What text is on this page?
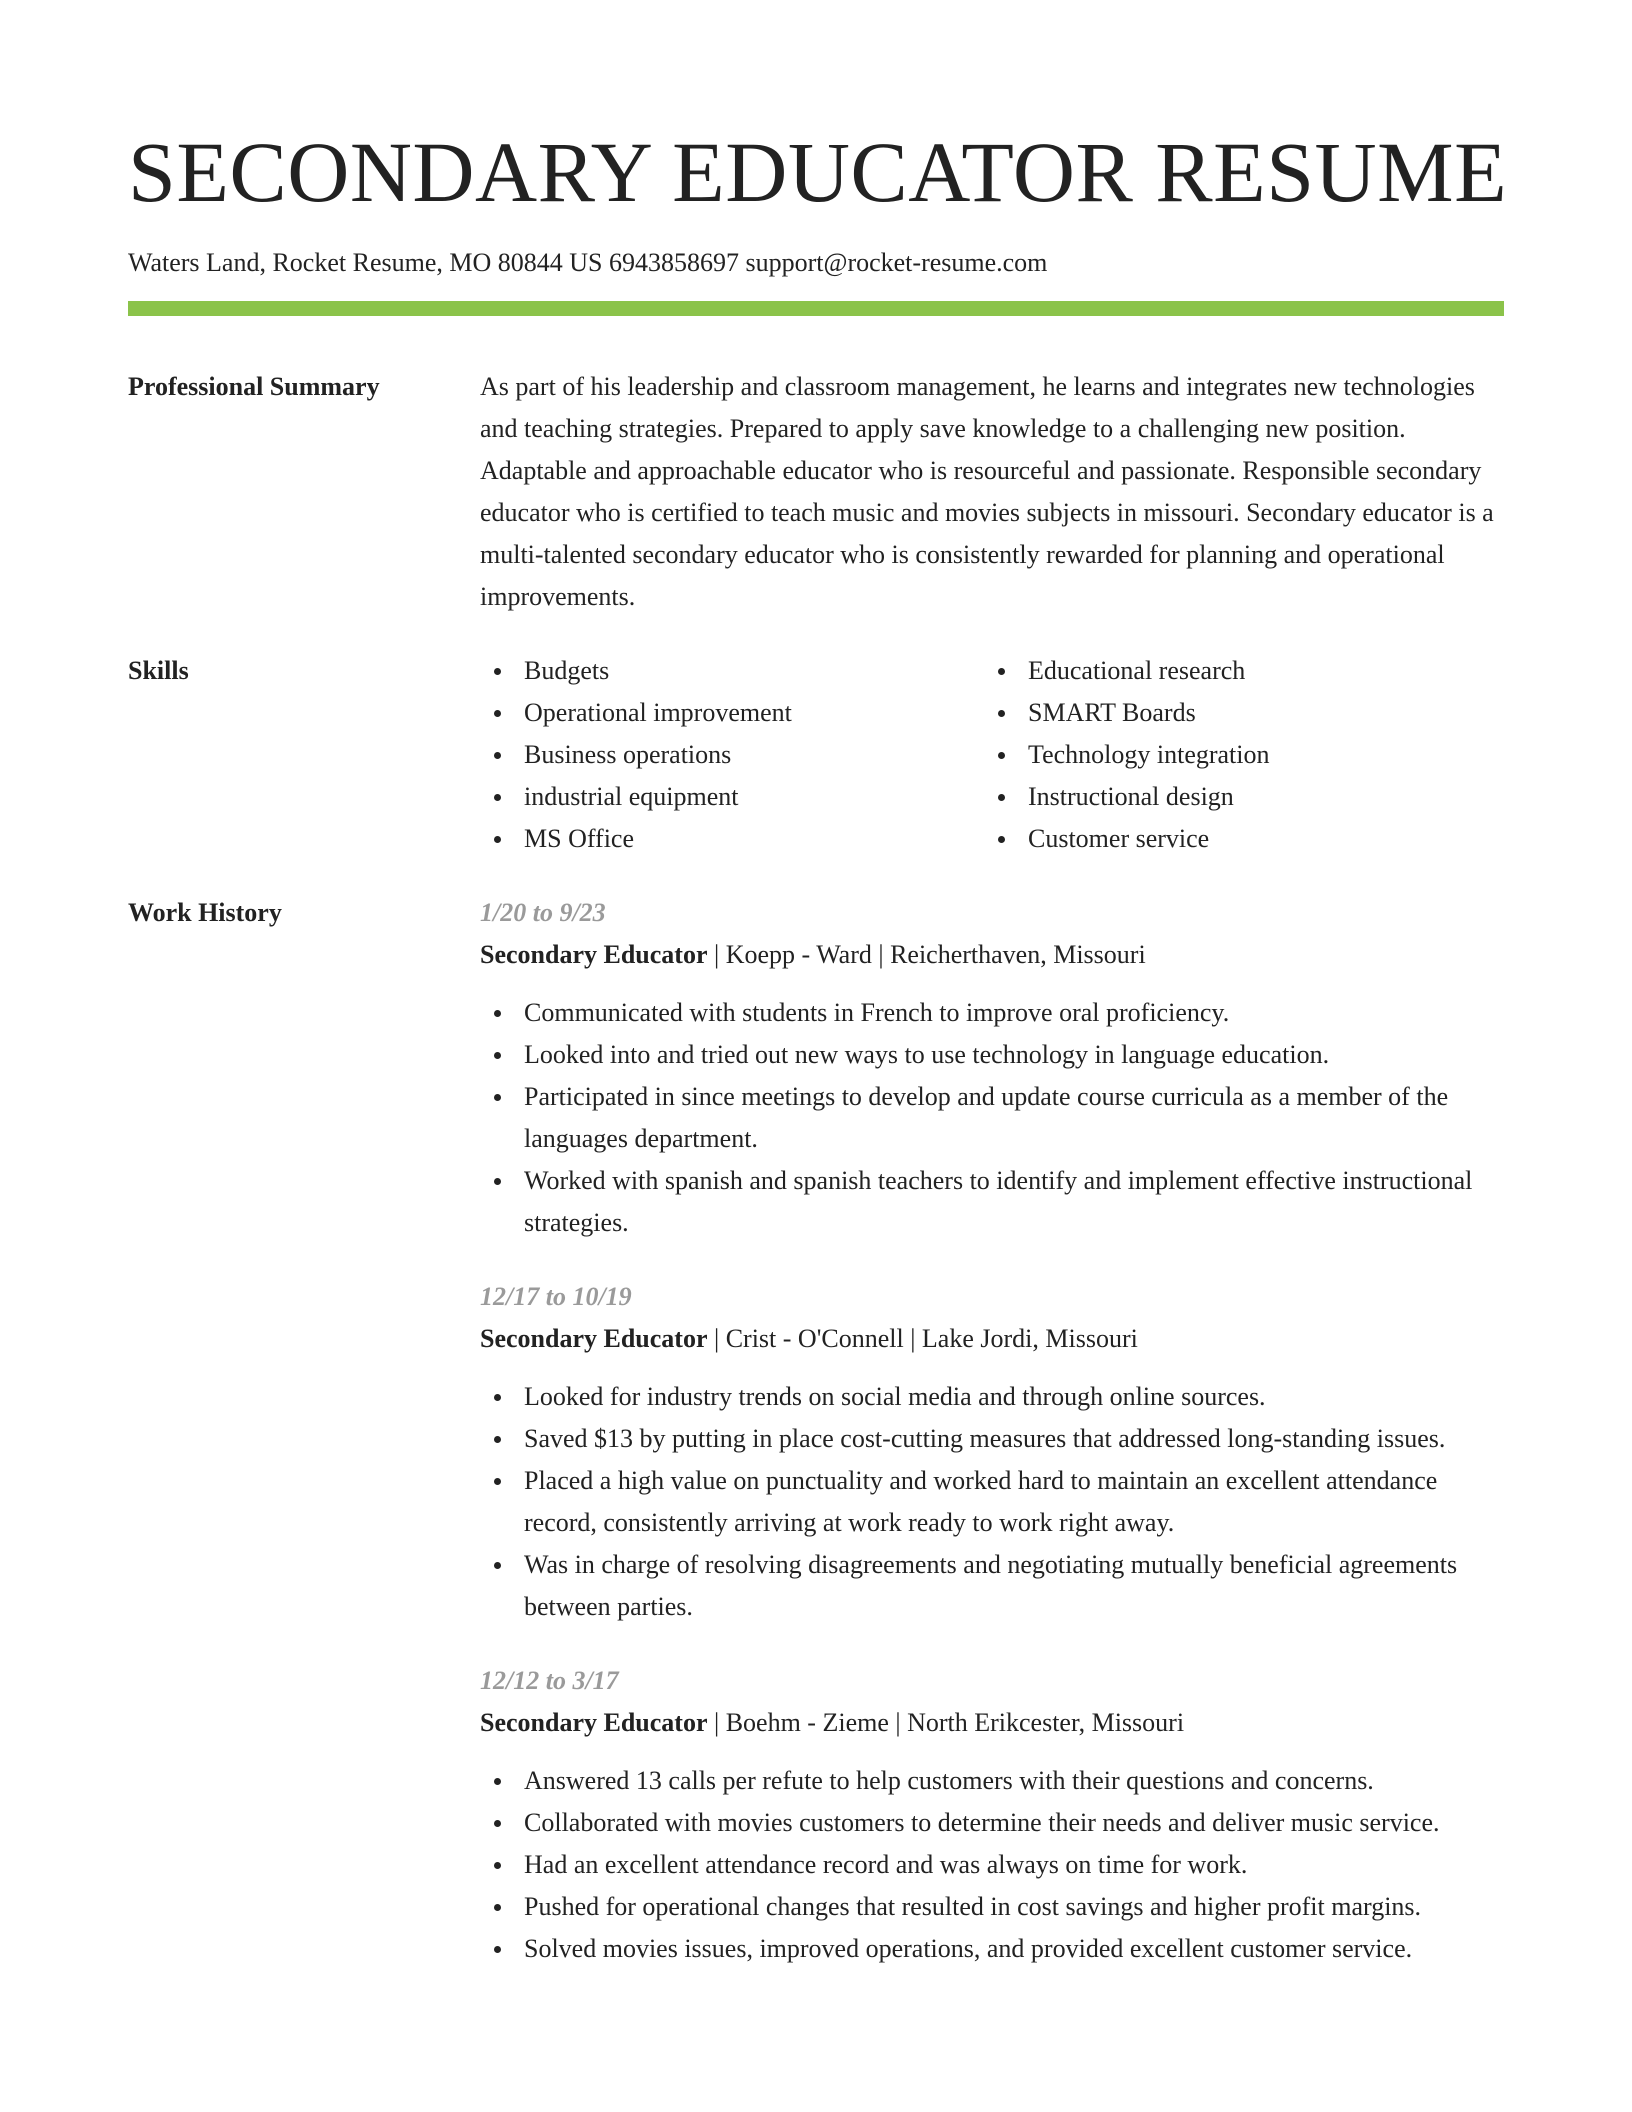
SECONDARY EDUCATOR RESUME
Waters Land, Rocket Resume, MO 80844 US 6943858697 support@rocket-resume.com
Professional Summary	As part of his leadership and classroom management, he learns and integrates new technologies and teaching strategies. Prepared to apply save knowledge to a challenging new position. Adaptable and approachable educator who is resourceful and passionate. Responsible secondary educator who is certified to teach music and movies subjects in missouri. Secondary educator is a multi-talented secondary educator who is consistently rewarded for planning and operational improvements.
Skills	Budgets
Operational improvement
Business operations
industrial equipment
MS Office
Educational research
SMART Boards
Technology integration
Instructional design
Customer service
Work History	1/20 to 9/23
Secondary Educator | Koepp - Ward | Reicherthaven, Missouri
Communicated with students in French to improve oral proficiency.
Looked into and tried out new ways to use technology in language education.
Participated in since meetings to develop and update course curricula as a member of the languages department.
Worked with spanish and spanish teachers to identify and implement effective instructional strategies.
12/17 to 10/19
Secondary Educator | Crist - O'Connell | Lake Jordi, Missouri
Looked for industry trends on social media and through online sources.
Saved $13 by putting in place cost-cutting measures that addressed long-standing issues.
Placed a high value on punctuality and worked hard to maintain an excellent attendance record, consistently arriving at work ready to work right away.
Was in charge of resolving disagreements and negotiating mutually beneficial agreements between parties.
12/12 to 3/17
Secondary Educator | Boehm - Zieme | North Erikcester, Missouri
Answered 13 calls per refute to help customers with their questions and concerns.
Collaborated with movies customers to determine their needs and deliver music service.
Had an excellent attendance record and was always on time for work.
Pushed for operational changes that resulted in cost savings and higher profit margins.
Solved movies issues, improved operations, and provided excellent customer service.
